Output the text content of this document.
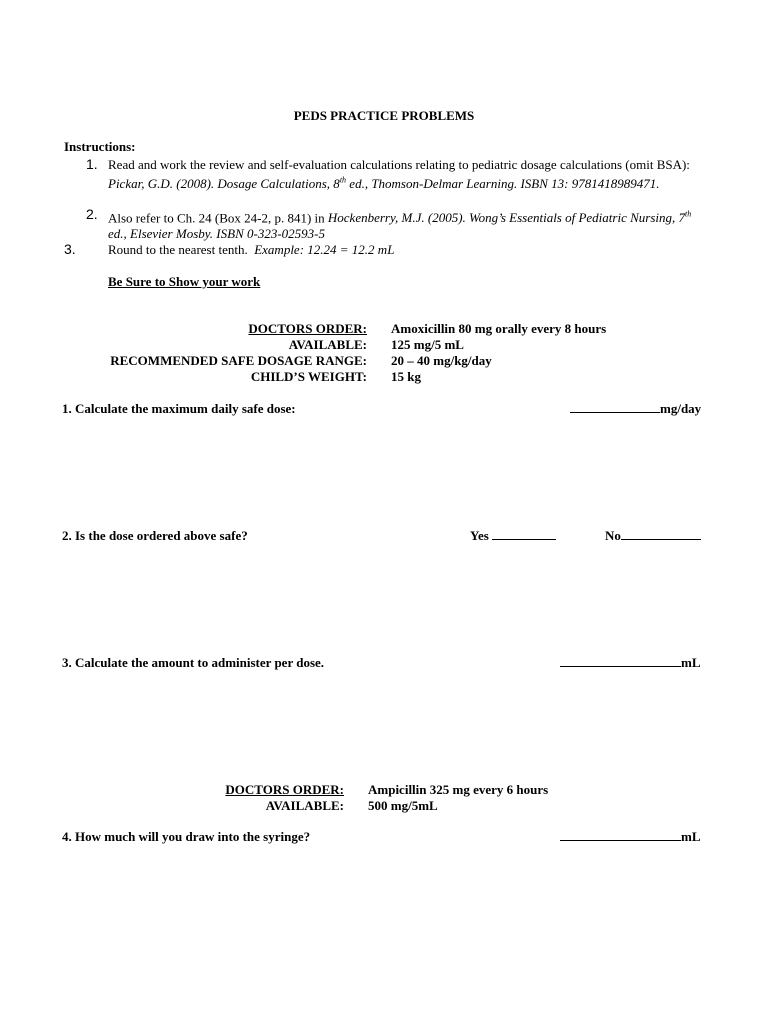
PEDS PRACTICE PROBLEMS
Instructions:
1. Read and work the review and self-evaluation calculations relating to pediatric dosage calculations (omit BSA): Pickar, G.D. (2008). Dosage Calculations, 8th ed., Thomson-Delmar Learning. ISBN 13: 9781418989471.
2. Also refer to Ch. 24 (Box 24-2, p. 841) in Hockenberry, M.J. (2005). Wong’s Essentials of Pediatric Nursing, 7th ed., Elsevier Mosby. ISBN 0-323-02593-5
3. Round to the nearest tenth. Example: 12.24 = 12.2 mL
Be Sure to Show your work
DOCTORS ORDER: Amoxicillin 80 mg orally every 8 hours
AVAILABLE: 125 mg/5 mL
RECOMMENDED SAFE DOSAGE RANGE: 20 – 40 mg/kg/day
CHILD’S WEIGHT: 15 kg
1. Calculate the maximum daily safe dose:	mg/day
2. Is the dose ordered above safe?	Yes	No
3. Calculate the amount to administer per dose.	mL
DOCTORS ORDER: Ampicillin 325 mg every 6 hours
AVAILABLE: 500 mg/5mL
4. How much will you draw into the syringe?	mL
